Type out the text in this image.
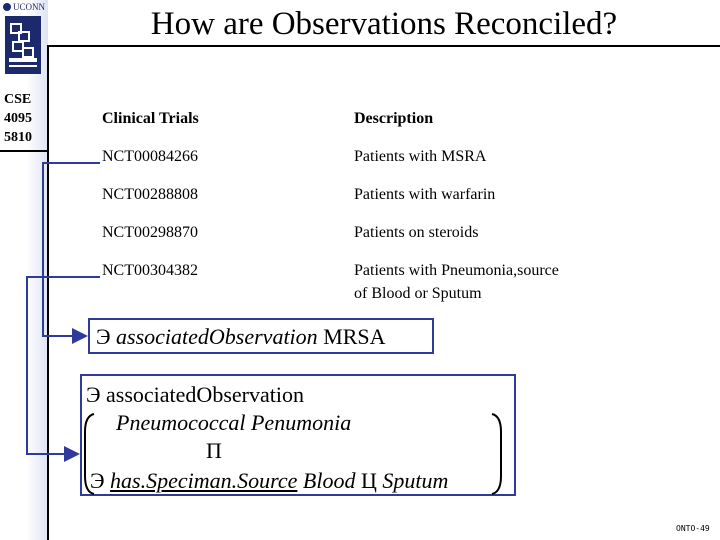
UCONN
CSE
4095
5810
How are Observations Reconciled?
Clinical Trials	Description
NCT00084266	Patients with MSRA
NCT00288808	Patients with warfarin
NCT00298870	Patients on steroids
NCT00304382	Patients with Pneumonia,source
of Blood or Sputum
Э associatedObservation MRSA
Э associatedObservation
Pneumococcal Penumonia
П
Э has.Speciman.Source Blood Ц Sputum
ONTO-49
